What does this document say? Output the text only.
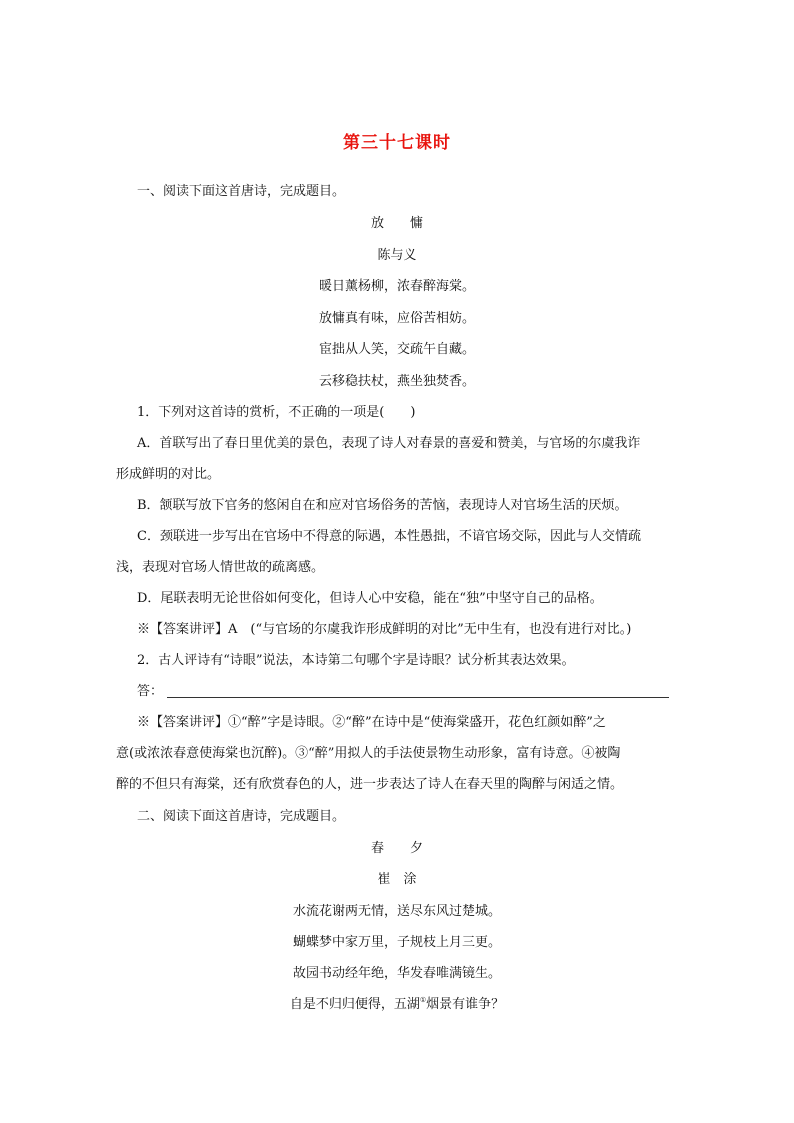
第三十七课时
一、阅读下面这首唐诗，完成题目。
放　　慵
陈与义
暖日薰杨柳，浓春醉海棠。
放慵真有味，应俗苦相妨。
宦拙从人笑，交疏午自藏。
云移稳扶杖，燕坐独焚香。
1．下列对这首诗的赏析，不正确的一项是(　　)
A．首联写出了春日里优美的景色，表现了诗人对春景的喜爱和赞美，与官场的尔虞我诈
形成鲜明的对比。
B．颔联写放下官务的悠闲自在和应对官场俗务的苦恼，表现诗人对官场生活的厌烦。
C．颈联进一步写出在官场中不得意的际遇，本性愚拙，不谙官场交际，因此与人交情疏
浅，表现对官场人情世故的疏离感。
D．尾联表明无论世俗如何变化，但诗人心中安稳，能在“独”中坚守自己的品格。
※【答案讲评】A　(“与官场的尔虞我诈形成鲜明的对比”无中生有，也没有进行对比。)
2．古人评诗有“诗眼”说法，本诗第二句哪个字是诗眼？试分析其表达效果。
答：
※【答案讲评】①“醉”字是诗眼。②“醉”在诗中是“使海棠盛开，花色红颜如醉”之
意(或浓浓春意使海棠也沉醉)。③“醉”用拟人的手法使景物生动形象，富有诗意。④被陶
醉的不但只有海棠，还有欣赏春色的人，进一步表达了诗人在春天里的陶醉与闲适之情。
二、阅读下面这首唐诗，完成题目。
春　　夕
崔　涂
水流花谢两无情，送尽东风过楚城。
蝴蝶梦中家万里，子规枝上月三更。
故园书动经年绝，华发春唯满镜生。
自是不归归便得，五湖①烟景有谁争？
